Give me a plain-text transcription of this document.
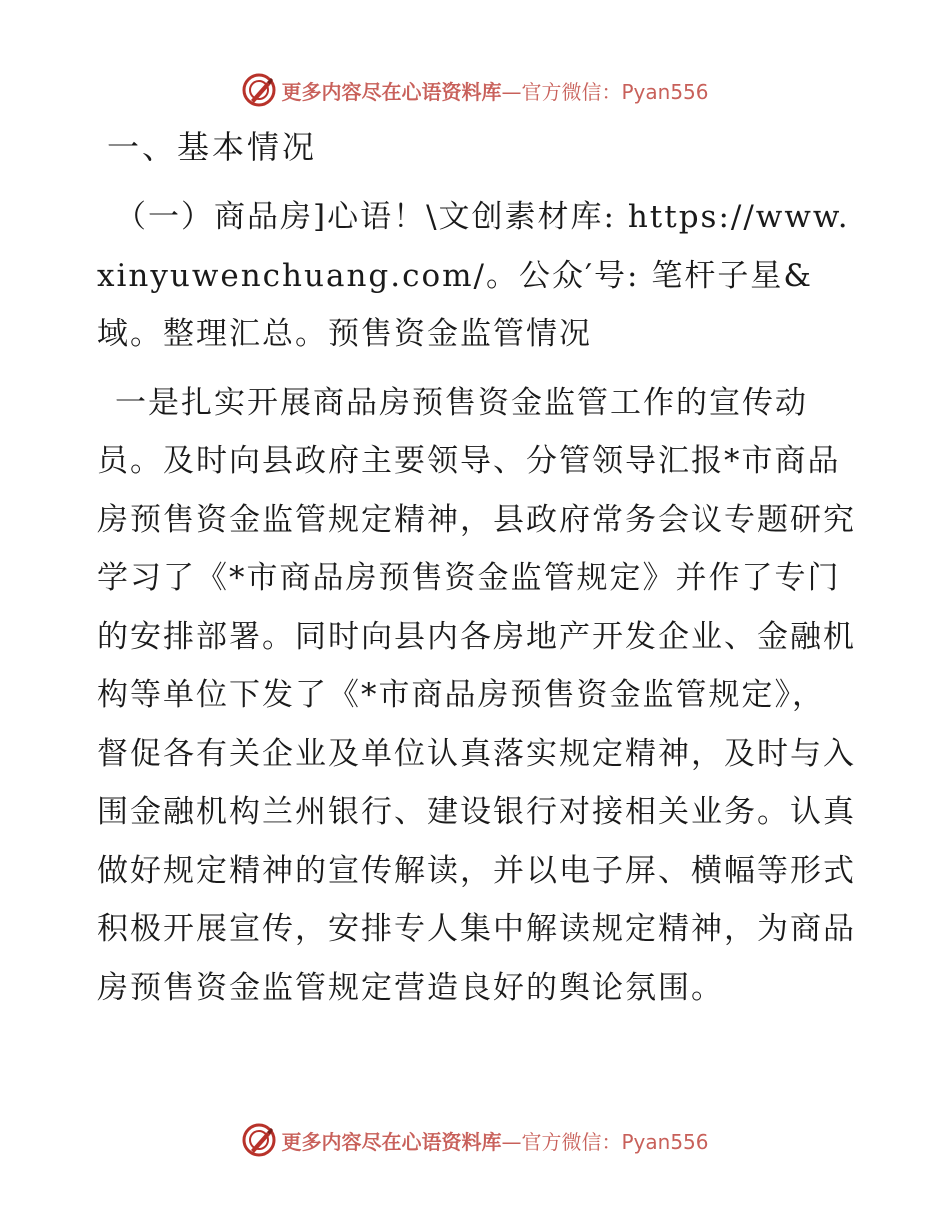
更多内容尽在心语资料库—官方微信：Pyan556

一、基本情况

（一）商品房]心语！\文创素材库: https://www.xinyuwenchuang.com/。公众′号: 笔杆子星&域。整理汇总。预售资金监管情况

一是扎实开展商品房预售资金监管工作的宣传动员。及时向县政府主要领导、分管领导汇报*市商品房预售资金监管规定精神，县政府常务会议专题研究学习了《*市商品房预售资金监管规定》并作了专门的安排部署。同时向县内各房地产开发企业、金融机构等单位下发了《*市商品房预售资金监管规定》，督促各有关企业及单位认真落实规定精神，及时与入围金融机构兰州银行、建设银行对接相关业务。认真做好规定精神的宣传解读，并以电子屏、横幅等形式积极开展宣传，安排专人集中解读规定精神，为商品房预售资金监管规定营造良好的舆论氛围。

更多内容尽在心语资料库—官方微信：Pyan556
